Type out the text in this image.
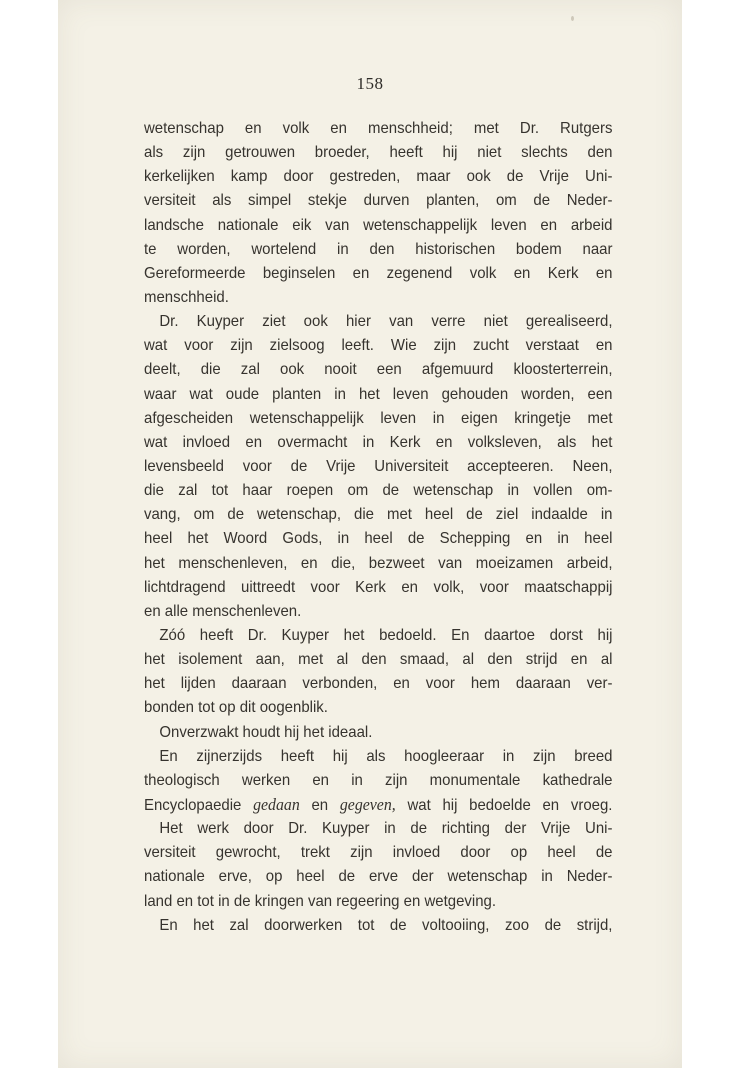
158
wetenschap en volk en menschheid; met Dr. Rutgers
als zijn getrouwen broeder, heeft hij niet slechts den
kerkelijken kamp door gestreden, maar ook de Vrije Uni-
versiteit als simpel stekje durven planten, om de Neder-
landsche nationale eik van wetenschappelijk leven en arbeid
te worden, wortelend in den historischen bodem naar
Gereformeerde beginselen en zegenend volk en Kerk en
menschheid.
Dr. Kuyper ziet ook hier van verre niet gerealiseerd,
wat voor zijn zielsoog leeft. Wie zijn zucht verstaat en
deelt, die zal ook nooit een afgemuurd kloosterterrein,
waar wat oude planten in het leven gehouden worden, een
afgescheiden wetenschappelijk leven in eigen kringetje met
wat invloed en overmacht in Kerk en volksleven, als het
levensbeeld voor de Vrije Universiteit accepteeren. Neen,
die zal tot haar roepen om de wetenschap in vollen om-
vang, om de wetenschap, die met heel de ziel indaalde in
heel het Woord Gods, in heel de Schepping en in heel
het menschenleven, en die, bezweet van moeizamen arbeid,
lichtdragend uittreedt voor Kerk en volk, voor maatschappij
en alle menschenleven.
Zóó heeft Dr. Kuyper het bedoeld. En daartoe dorst hij
het isolement aan, met al den smaad, al den strijd en al
het lijden daaraan verbonden, en voor hem daaraan ver-
bonden tot op dit oogenblik.
Onverzwakt houdt hij het ideaal.
En zijnerzijds heeft hij als hoogleeraar in zijn breed
theologisch werken en in zijn monumentale kathedrale
Encyclopaedie gedaan en gegeven, wat hij bedoelde en vroeg.
Het werk door Dr. Kuyper in de richting der Vrije Uni-
versiteit gewrocht, trekt zijn invloed door op heel de
nationale erve, op heel de erve der wetenschap in Neder-
land en tot in de kringen van regeering en wetgeving.
En het zal doorwerken tot de voltooiing, zoo de strijd,
